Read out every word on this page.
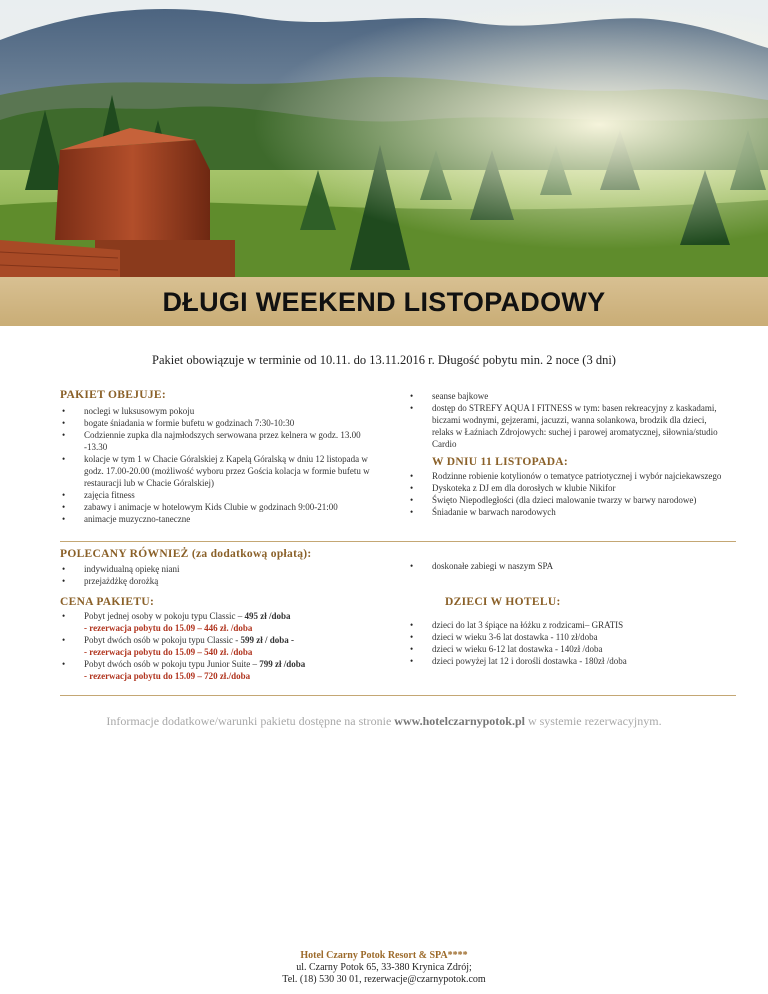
DŁUGI WEEKEND LISTOPADOWY
Pakiet obowiązuje w terminie od 10.11. do 13.11.2016 r. Długość pobytu min. 2 noce (3 dni)
PAKIET OBEJUJE:
• noclegi w luksusowym pokoju
• bogate śniadania w formie bufetu w godzinach 7:30-10:30
• Codziennie zupka dla najmłodszych serwowana przez kelnera w godz. 13.00 -13.30
• kolacje w tym 1 w Chacie Góralskiej z Kapelą Góralską w dniu 12 listopada w godz. 17.00-20.00 (możliwość wyboru przez Gościa kolacja w formie bufetu w restauracji lub w Chacie Góralskiej)
• zajęcia fitness
• zabawy i animacje w hotelowym Kids Clubie w godzinach 9:00-21:00
• animacje muzyczno-taneczne
• seanse bajkowe
• dostęp do STREFY AQUA I FITNESS w tym: basen rekreacyjny z kaskadami, biczami wodnymi, gejzerami, jacuzzi, wanna solankowa, brodzik dla dzieci, relaks w Łaźniach Zdrojowych: suchej i parowej aromatycznej, siłownia/studio Cardio
W DNIU 11 LISTOPADA:
• Rodzinne robienie kotylionów o tematyce patriotycznej i wybór najciekawszego
• Dyskoteka z DJ em dla dorosłych w klubie Nikifor
• Święto Niepodległości (dla dzieci malowanie twarzy w barwy narodowe)
• Śniadanie w barwach narodowych
POLECANY RÓWNIEŻ (za dodatkową opłatą):
• indywidualną opiekę niani
• przejażdżkę dorożką
• doskonałe zabiegi w naszym SPA
CENA PAKIETU:
• Pobyt jednej osoby w pokoju typu Classic – 495 zł /doba
- rezerwacja pobytu do 15.09 – 446 zł. /doba
• Pobyt dwóch osób w pokoju typu Classic - 599 zł / doba -
- rezerwacja pobytu do 15.09 – 540 zł. /doba
• Pobyt dwóch osób w pokoju typu Junior Suite – 799 zł /doba
- rezerwacja pobytu do 15.09 – 720 zł./doba
DZIECI W HOTELU:
• dzieci do lat 3 śpiące na łóżku z rodzicami– GRATIS
• dzieci w wieku 3-6 lat dostawka - 110 zł/doba
• dzieci w wieku 6-12 lat dostawka - 140zł /doba
• dzieci powyżej lat 12 i dorośli dostawka - 180zł /doba
Informacje dodatkowe/warunki pakietu dostępne na stronie www.hotelczarnypotok.pl w systemie rezerwacyjnym.
Hotel Czarny Potok Resort & SPA****
ul. Czarny Potok 65, 33-380 Krynica Zdrój;
Tel. (18) 530 30 01, rezerwacje@czarnypotok.com
